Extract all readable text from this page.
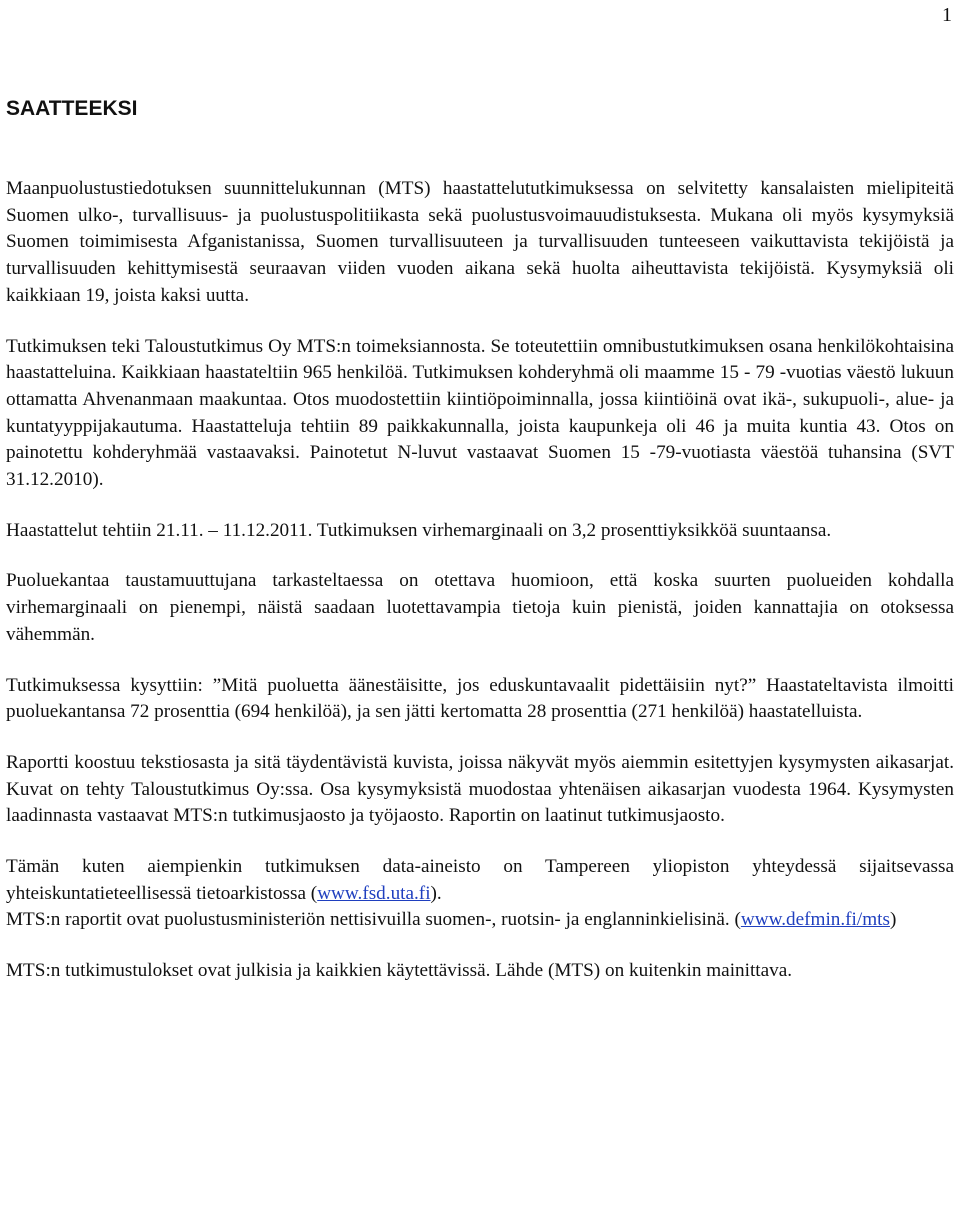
1
SAATTEEKSI

Maanpuolustustiedotuksen suunnittelukunnan (MTS) haastattelututkimuksessa on selvitetty kansalaisten mielipiteitä Suomen ulko-, turvallisuus- ja puolustuspolitiikasta sekä puolustusvoimauudistuksesta. Mukana oli myös kysymyksiä Suomen toimimisesta Afganistanissa, Suomen turvallisuuteen ja turvallisuuden tunteeseen vaikuttavista tekijöistä ja turvallisuuden kehittymisestä seuraavan viiden vuoden aikana sekä huolta aiheuttavista tekijöistä. Kysymyksiä oli kaikkiaan 19, joista kaksi uutta.

Tutkimuksen teki Taloustutkimus Oy MTS:n toimeksiannosta. Se toteutettiin omnibustutkimuksen osana henkilökohtaisina haastatteluina. Kaikkiaan haastateltiin 965 henkilöä. Tutkimuksen kohderyhmä oli maamme 15 - 79 -vuotias väestö lukuun ottamatta Ahvenanmaan maakuntaa. Otos muodostettiin kiintiöpoiminnalla, jossa kiintiöinä ovat ikä-, sukupuoli-, alue- ja kuntatyyppijakautuma. Haastatteluja tehtiin 89 paikkakunnalla, joista kaupunkeja oli 46 ja muita kuntia 43. Otos on painotettu kohderyhmää vastaavaksi. Painotetut N-luvut vastaavat Suomen 15 -79-vuotiasta väestöä tuhansina (SVT 31.12.2010).

Haastattelut tehtiin 21.11. – 11.12.2011. Tutkimuksen virhemarginaali on 3,2 prosenttiyksikköä suuntaansa.

Puoluekantaa taustamuuttujana tarkasteltaessa on otettava huomioon, että koska suurten puolueiden kohdalla virhemarginaali on pienempi, näistä saadaan luotettavampia tietoja kuin pienistä, joiden kannattajia on otoksessa vähemmän.

Tutkimuksessa kysyttiin: ”Mitä puoluetta äänestäisitte, jos eduskuntavaalit pidettäisiin nyt?” Haastateltavista ilmoitti puoluekantansa 72 prosenttia (694 henkilöä), ja sen jätti kertomatta 28 prosenttia (271 henkilöä) haastatelluista.

Raportti koostuu tekstiosasta ja sitä täydentävistä kuvista, joissa näkyvät myös aiemmin esitettyjen kysymysten aikasarjat. Kuvat on tehty Taloustutkimus Oy:ssa. Osa kysymyksistä muodostaa yhtenäisen aikasarjan vuodesta 1964. Kysymysten laadinnasta vastaavat MTS:n tutkimusjaosto ja työjaosto. Raportin on laatinut tutkimusjaosto.

Tämän kuten aiempienkin tutkimuksen data-aineisto on Tampereen yliopiston yhteydessä sijaitsevassa yhteiskuntatieteellisessä tietoarkistossa (www.fsd.uta.fi).

MTS:n raportit ovat puolustusministeriön nettisivuilla suomen-, ruotsin- ja englanninkielisinä. (www.defmin.fi/mts)

MTS:n tutkimustulokset ovat julkisia ja kaikkien käytettävissä. Lähde (MTS) on kuitenkin mainittava.
